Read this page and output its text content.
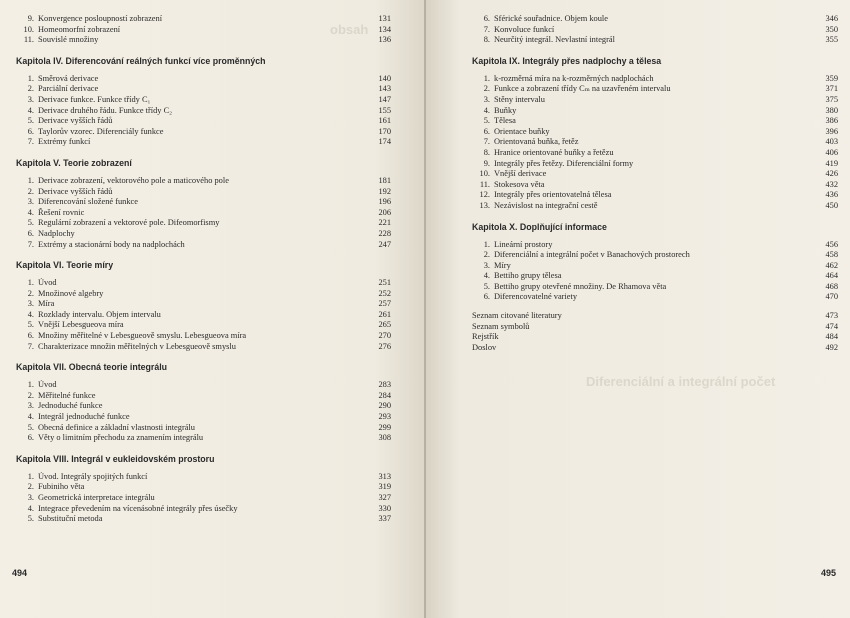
obsah
9. Konvergence posloupností zobrazení	131
10. Homeomorfní zobrazení	134
11. Souvislé množiny	136
Kapitola IV. Diferencování reálných funkcí více proměnných
1. Směrová derivace	140
2. Parciální derivace	143
3. Derivace funkce. Funkce třídy C₁	147
4. Derivace druhého řádu. Funkce třídy C₂	155
5. Derivace vyšších řádů	161
6. Taylorův vzorec. Diferenciály funkce	170
7. Extrémy funkcí	174
Kapitola V. Teorie zobrazení
1. Derivace zobrazení, vektorového pole a maticového pole	181
2. Derivace vyšších řádů	192
3. Diferencování složené funkce	196
4. Řešení rovnic	206
5. Regulární zobrazení a vektorové pole. Difeomorfismy	221
6. Nadplochy	228
7. Extrémy a stacionární body na nadplochách	247
Kapitola VI. Teorie míry
1. Úvod	251
2. Množinové algebry	252
3. Míra	257
4. Rozklady intervalu. Objem intervalu	261
5. Vnější Lebesgueova míra	265
6. Množiny měřitelné v Lebesgueově smyslu. Lebesgueova míra	270
7. Charakterizace množin měřitelných v Lebesgueově smyslu	276
Kapitola VII. Obecná teorie integrálu
1. Úvod	283
2. Měřitelné funkce	284
3. Jednoduché funkce	290
4. Integrál jednoduché funkce	293
5. Obecná definice a základní vlastnosti integrálu	299
6. Věty o limitním přechodu za znamením integrálu	308
Kapitola VIII. Integrál v eukleidovském prostoru
1. Úvod. Integrály spojitých funkcí	313
2. Fubiniho věta	319
3. Geometrická interpretace integrálu	327
4. Integrace převedením na vícenásobné integrály přes úsečky	330
5. Substituční metoda	337
494
Diferenciální a integrální počet
6. Sférické souřadnice. Objem koule	346
7. Konvoluce funkcí	350
8. Neurčitý integrál. Nevlastní integrál	355
Kapitola IX. Integrály přes nadplochy a tělesa
1. k-rozměrná míra na k-rozměrných nadplochách	359
2. Funkce a zobrazení třídy Cₘ na uzavřeném intervalu	371
3. Stěny intervalu	375
4. Buňky	380
5. Tělesa	386
6. Orientace buňky	396
7. Orientovaná buňka, řetěz	403
8. Hranice orientované buňky a řetězu	406
9. Integrály přes řetězy. Diferenciální formy	419
10. Vnější derivace	426
11. Stokesova věta	432
12. Integrály přes orientovatelná tělesa	436
13. Nezávislost na integrační cestě	450
Kapitola X. Doplňující informace
1. Lineární prostory	456
2. Diferenciální a integrální počet v Banachových prostorech	458
3. Míry	462
4. Bettiho grupy tělesa	464
5. Bettiho grupy otevřené množiny. De Rhamova věta	468
6. Diferencovatelné variety	470
Seznam citované literatury	473
Seznam symbolů	474
Rejstřík	484
Doslov	492
495
